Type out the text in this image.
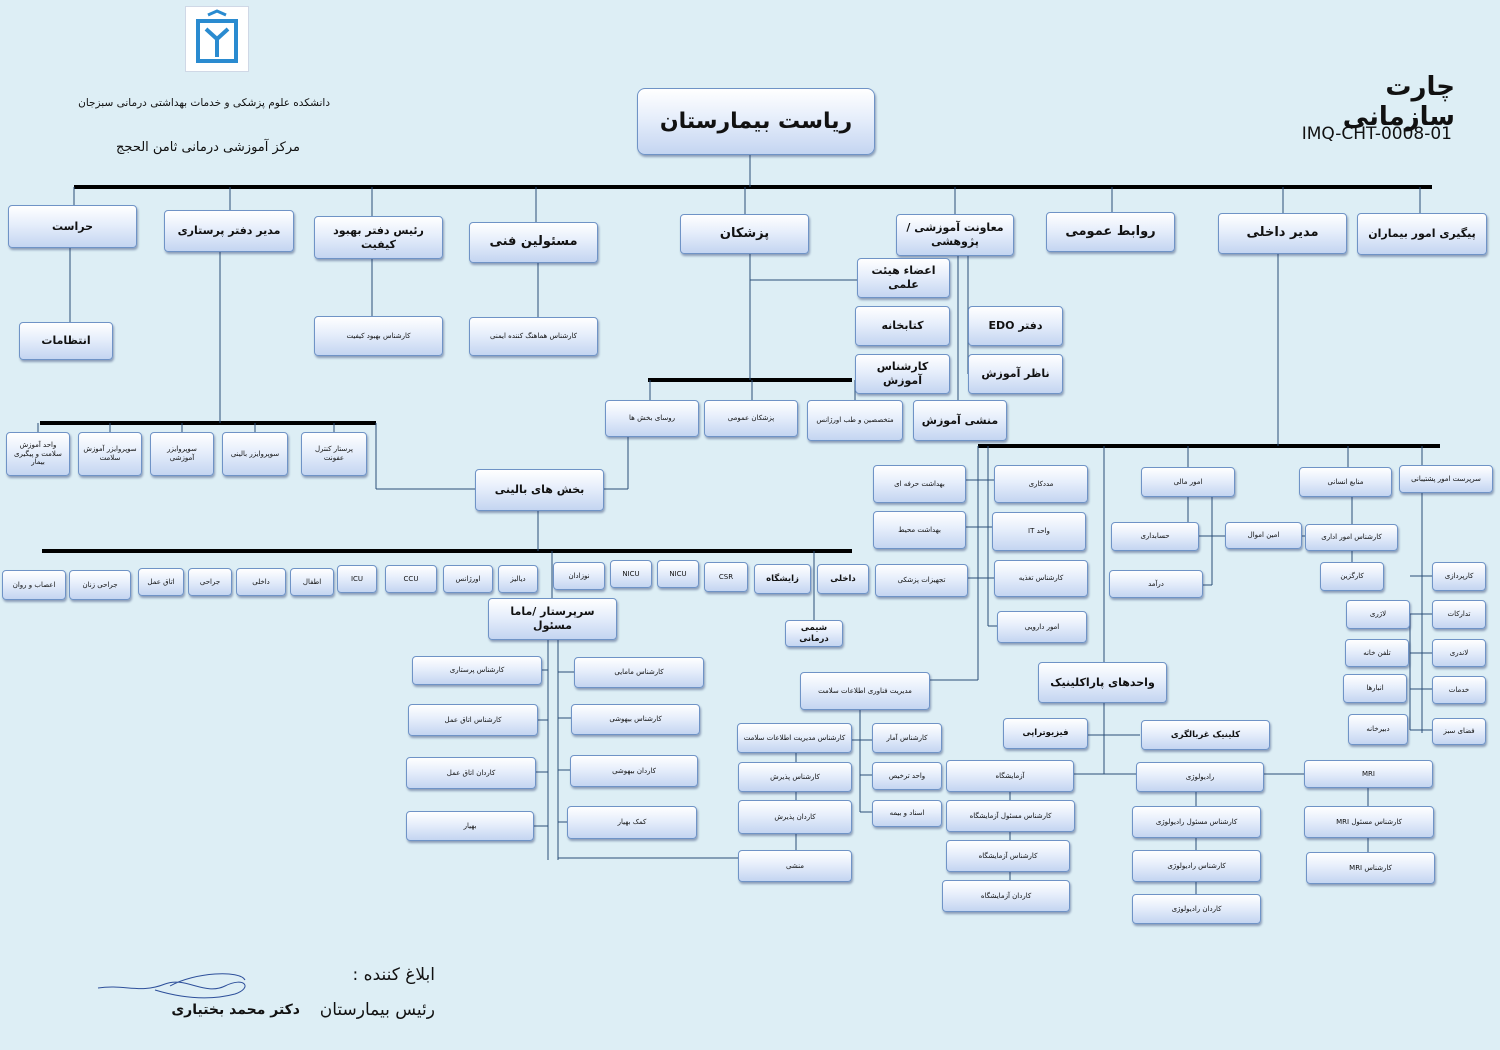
دانشکده علوم پزشکی و خدمات بهداشتی درمانی سبزجان
مرکز آموزشی درمانی ثامن الحجج
چارت سازمانی
IMQ-CHT-0008-01
ریاست بیمارستان
حراست	مدیر دفتر پرستاری	رئیس دفتر بهبود کیفیت	مسئولین فنی
پزشکان	معاونت آموزشی / پژوهشی
روابط عمومی	مدیر داخلی	پیگیری امور بیماران
انتظامات	کارشناس بهبود کیفیت	کارشناس هماهنگ کننده ایمنی
اعضاء هیئت علمی
کتابخانه	دفتر EDO
کارشناس آموزش
ناظر آموزش
منشی آموزش
روسای بخش ها	پزشکان عمومی	متخصصین و طب اورژانس
واحد آموزش سلامت و پیگیری بیمار
سوپروایزر آموزش سلامت
سوپروایزر آموزشی
سوپروایزر بالینی
پرستار کنترل عفونت
بخش های بالینی
اعصاب و روان	جراحی زنان	اتاق عمل	جراحی	داخلی	اطفال	ICU	CCU	اورژانس	دیالیز	نوزادان	NICU	NICU	CSR	زایشگاه	داخلی
سرپرستار /ماما مسئول	شیمی درمانی
کارشناس پرستاری	کارشناس مامایی
کارشناس اتاق عمل	کارشناس بیهوشی
کاردان اتاق عمل	کاردان بیهوشی
بهیار	کمک بهیار
بهداشت حرفه ای
بهداشت محیط
تجهیزات پزشکی
مددکاری
واحد IT
کارشناس تغذیه
امور دارویی
امور مالی	منابع انسانی	سرپرست امور پشتیبانی
حسابداری
درآمد
امین اموال	کارشناس امور اداری
کارگزین	کارپردازی
تدارکات
لاژری
تلفن خانه	لاندری
انبارها	خدمات
دبیرخانه	فضای سبز
مدیریت فناوری اطلاعات سلامت
کارشناس مدیریت اطلاعات سلامت
کارشناس پذیرش
کاردان پذیرش
منشی
کارشناس آمار
واحد ترخیص
اسناد و بیمه
واحدهای پاراکلینیک
فیزیوتراپی	کلینیک غربالگری
آزمایشگاه	رادیولوژی	MRI
کارشناس مسئول آزمایشگاه
کارشناس مسئول رادیولوژی	کارشناس مسئول MRI
کارشناس آزمایشگاه
کارشناس رادیولوژی	کارشناس MRI
کاردان آزمایشگاه
کاردان رادیولوژی
ابلاغ کننده :
رئیس بیمارستان
دکتر محمد بختیاری
